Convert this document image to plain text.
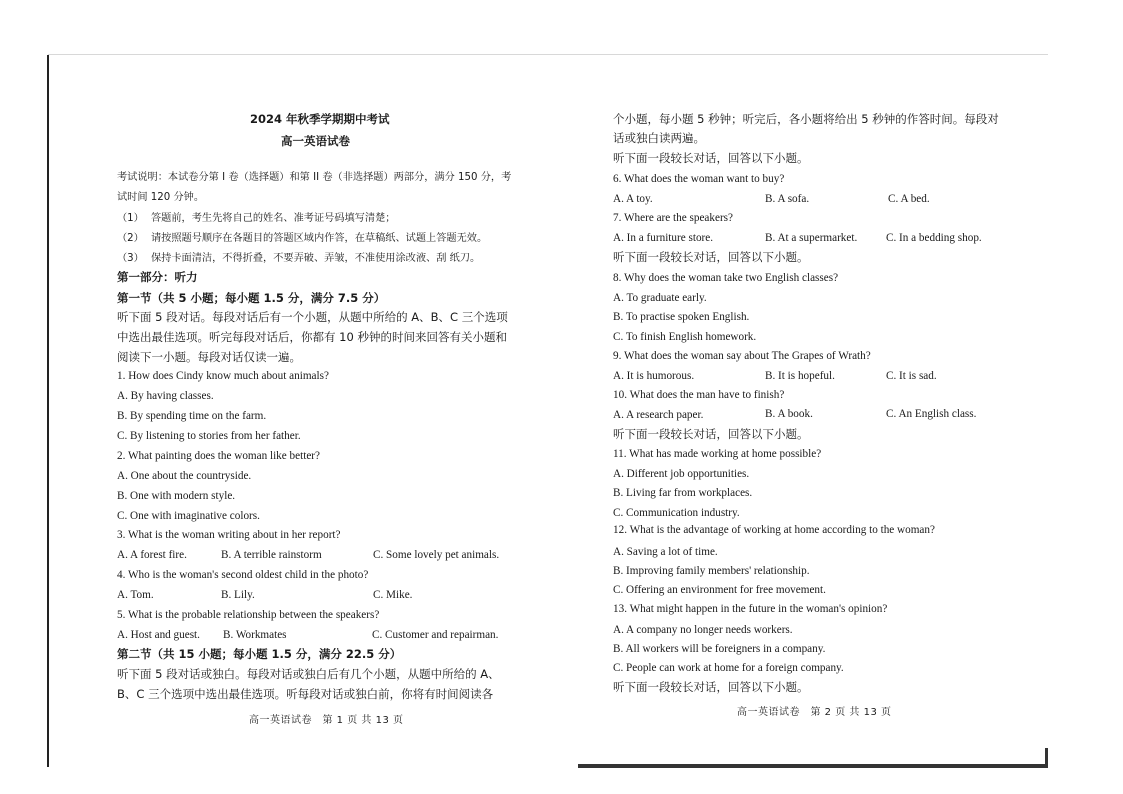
2024 年秋季学期期中考试
高一英语试卷
考试说明：本试卷分第 I 卷（选择题）和第 II 卷（非选择题）两部分，满分 150 分，考
试时间 120 分钟。
（1） 答题前，考生先将自己的姓名、准考证号码填写清楚；
（2） 请按照题号顺序在各题目的答题区域内作答，在草稿纸、试题上答题无效。
（3） 保持卡面清洁，不得折叠，不要弄破、弄皱，不准使用涂改液、刮 纸刀。
第一部分：听力
第一节（共 5 小题；每小题 1.5 分，满分 7.5 分）
听下面 5 段对话。每段对话后有一个小题，从题中所给的 A、B、C 三个选项
中选出最佳选项。听完每段对话后，你都有 10 秒钟的时间来回答有关小题和
阅读下一小题。每段对话仅读一遍。
1. How does Cindy know much about animals?
A. By having classes.
B. By spending time on the farm.
C. By listening to stories from her father.
2. What painting does the woman like better?
A. One about the countryside.
B. One with modern style.
C. One with imaginative colors.
3. What is the woman writing about in her report?
A. A forest fire.	B. A terrible rainstorm	C. Some lovely pet animals.
4. Who is the woman's second oldest child in the photo?
A. Tom.	B. Lily.	C. Mike.
5. What is the probable relationship between the speakers?
A. Host and guest. B. Workmates	C. Customer and repairman.
第二节（共 15 小题；每小题 1.5 分，满分 22.5 分）
听下面 5 段对话或独白。每段对话或独白后有几个小题，从题中所给的 A、
B、C 三个选项中选出最佳选项。听每段对话或独白前，你将有时间阅读各
高一英语试卷　第 1 页 共 13 页
个小题，每小题 5 秒钟；听完后，各小题将给出 5 秒钟的作答时间。每段对
话或独白读两遍。
听下面一段较长对话，回答以下小题。
6. What does the woman want to buy?
A. A toy.	B. A sofa.	C. A bed.
7. Where are the speakers?
A. In a furniture store.	B. At a supermarket.	C. In a bedding shop.
听下面一段较长对话，回答以下小题。
8. Why does the woman take two English classes?
A. To graduate early.
B. To practise spoken English.
C. To finish English homework.
9. What does the woman say about The Grapes of Wrath?
A. It is humorous.	B. It is hopeful.	C. It is sad.
10. What does the man have to finish?
A. A research paper.	B. A book.	C. An English class.
听下面一段较长对话，回答以下小题。
11. What has made working at home possible?
A. Different job opportunities.
B. Living far from workplaces.
C. Communication industry.
12. What is the advantage of working at home according to the woman?
A. Saving a lot of time.
B. Improving family members' relationship.
C. Offering an environment for free movement.
13. What might happen in the future in the woman's opinion?
A. A company no longer needs workers.
B. All workers will be foreigners in a company.
C. People can work at home for a foreign company.
听下面一段较长对话，回答以下小题。
高一英语试卷　第 2 页 共 13 页
